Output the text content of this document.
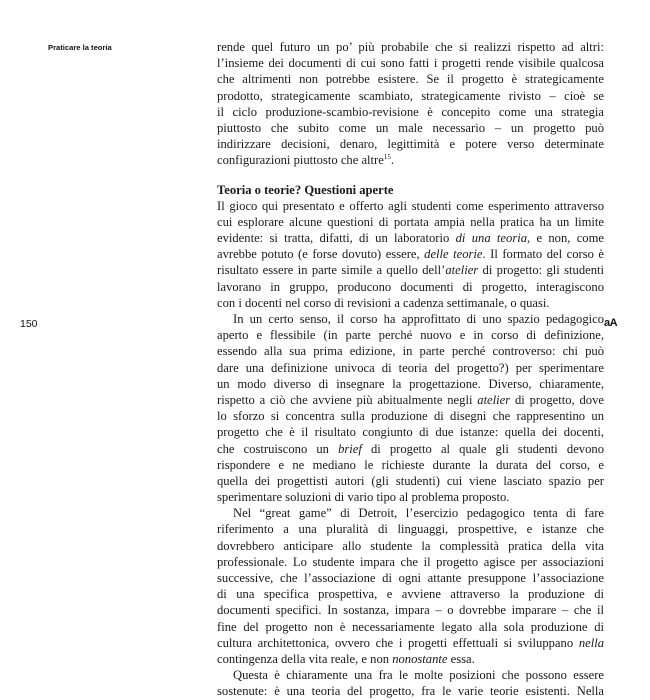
Praticare la teoria
150	aA
rende quel futuro un po’ più probabile che si realizzi rispetto ad altri:
l’insieme dei documenti di cui sono fatti i progetti rende visibile qualcosa
che altrimenti non potrebbe esistere. Se il progetto è strategicamente
prodotto, strategicamente scambiato, strategicamente rivisto – cioè se
il ciclo produzione-scambio-revisione è concepito come una strategia
piuttosto che subito come un male necessario – un progetto può
indirizzare decisioni, denaro, legittimità e potere verso determinate
configurazioni piuttosto che altre$^{15}$.
Teoria o teorie? Questioni aperte
Il gioco qui presentato e offerto agli studenti come esperimento attraverso
cui esplorare alcune questioni di portata ampia nella pratica ha un limite
evidente: si tratta, difatti, di un laboratorio di una teoria, e non, come
avrebbe potuto (e forse dovuto) essere, delle teorie. Il formato del corso è
risultato essere in parte simile a quello dell’atelier di progetto: gli studenti
lavorano in gruppo, producono documenti di progetto, interagiscono
con i docenti nel corso di revisioni a cadenza settimanale, o quasi.
In un certo senso, il corso ha approfittato di uno spazio pedagogico
aperto e flessibile (in parte perché nuovo e in corso di definizione,
essendo alla sua prima edizione, in parte perché controverso: chi può
dare una definizione univoca di teoria del progetto?) per sperimentare
un modo diverso di insegnare la progettazione. Diverso, chiaramente,
rispetto a ciò che avviene più abitualmente negli atelier di progetto, dove
lo sforzo si concentra sulla produzione di disegni che rappresentino un
progetto che è il risultato congiunto di due istanze: quella dei docenti,
che costruiscono un brief di progetto al quale gli studenti devono
rispondere e ne mediano le richieste durante la durata del corso, e
quella dei progettisti autori (gli studenti) cui viene lasciato spazio per
sperimentare soluzioni di vario tipo al problema proposto.
Nel “great game” di Detroit, l’esercizio pedagogico tenta di fare
riferimento a una pluralità di linguaggi, prospettive, e istanze che
dovrebbero anticipare allo studente la complessità pratica della vita
professionale. Lo studente impara che il progetto agisce per associazioni
successive, che l’associazione di ogni attante presuppone l’associazione
di una specifica prospettiva, e avviene attraverso la produzione di
documenti specifici. In sostanza, impara – o dovrebbe imparare – che il
fine del progetto non è necessariamente legato alla sola produzione di
cultura architettonica, ovvero che i progetti effettuali si sviluppano nella
contingenza della vita reale, e non nonostante essa.
Questa è chiaramente una fra le molte posizioni che possono essere
sostenute: è una teoria del progetto, fra le varie teorie esistenti. Nella
